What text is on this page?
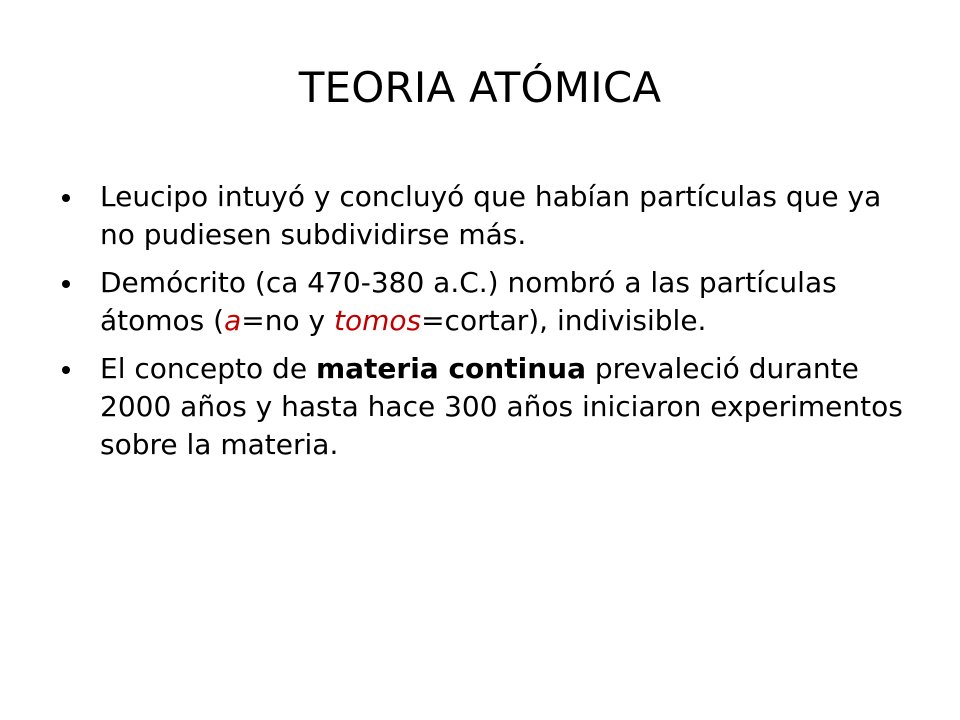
TEORIA ATÓMICA
Leucipo intuyó y concluyó que habían partículas que ya no pudiesen subdividirse más.
Demócrito (ca 470-380 a.C.) nombró a las partículas átomos (a=no y tomos=cortar), indivisible.
El concepto de materia continua prevaleció durante 2000 años y hasta hace 300 años iniciaron experimentos sobre la materia.
